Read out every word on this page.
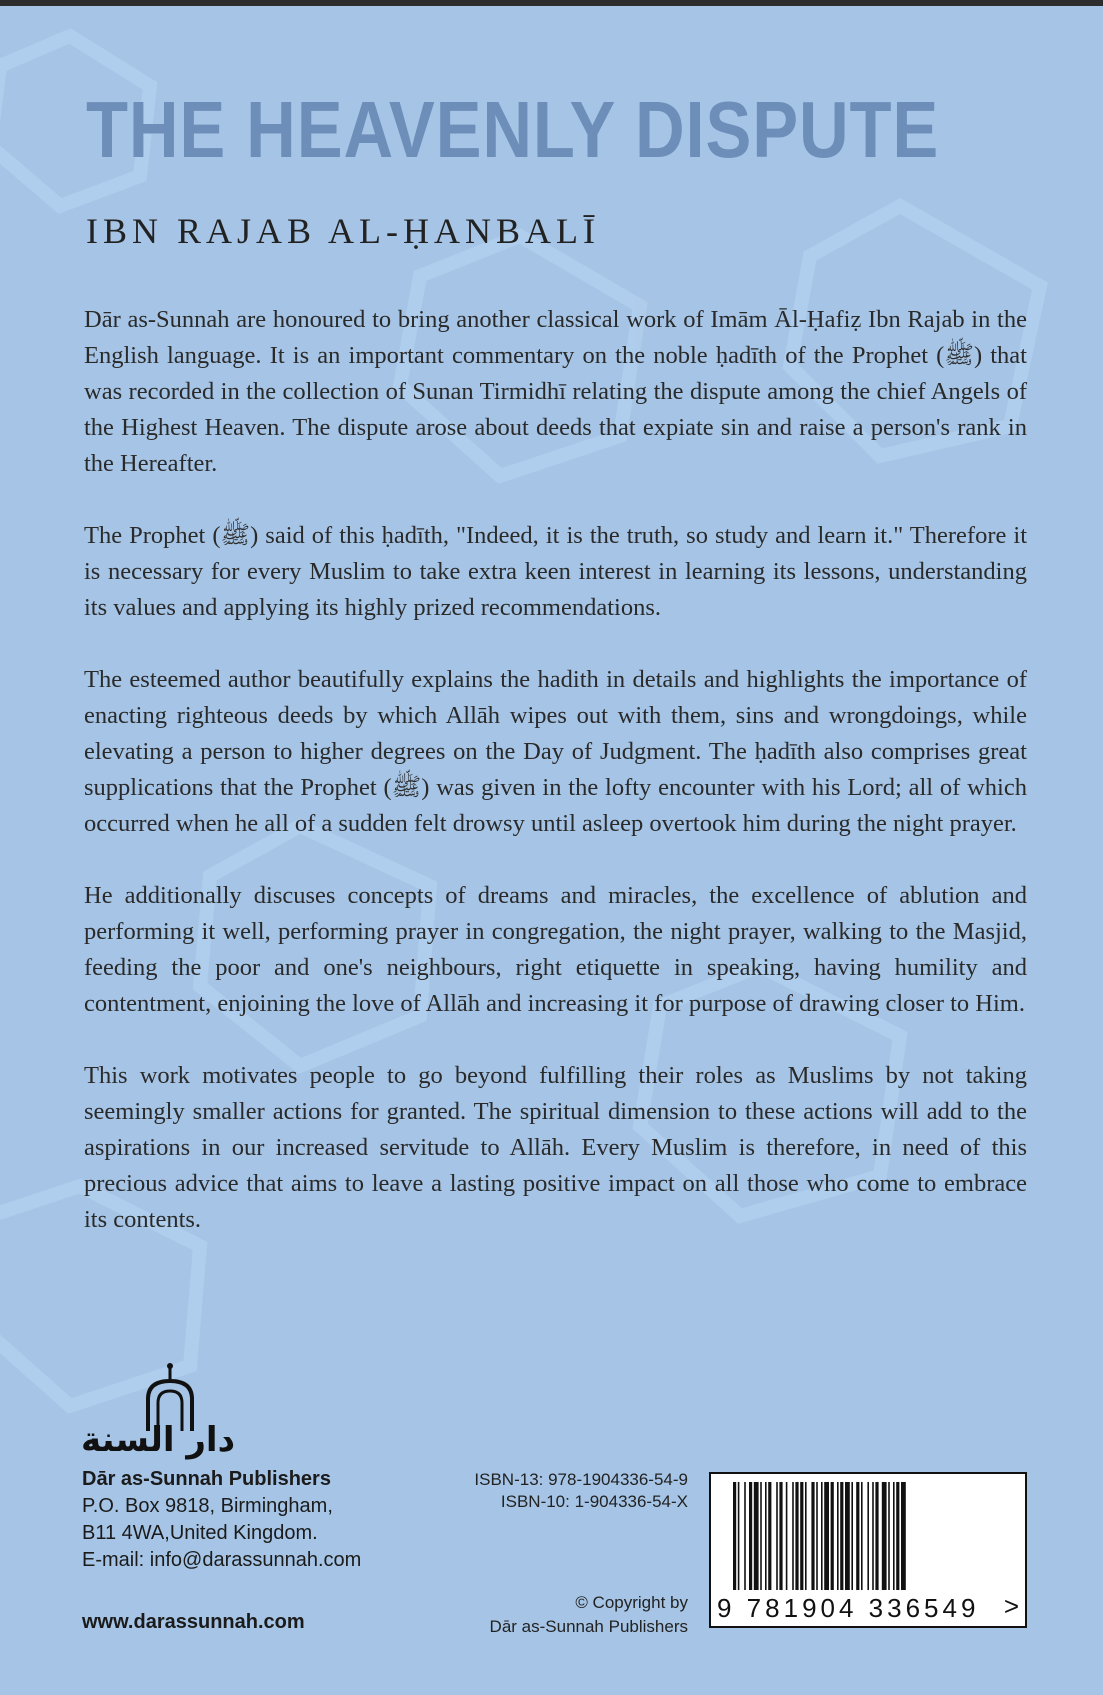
THE HEAVENLY DISPUTE
IBN RAJAB AL-ḤANBALĪ

Dār as-Sunnah are honoured to bring another classical work of Imām Āl-Ḥafiẓ Ibn Rajab in the English language. It is an important commentary on the noble ḥadīth of the Prophet (ﷺ) that was recorded in the collection of Sunan Tirmidhī relating the dispute among the chief Angels of the Highest Heaven. The dispute arose about deeds that expiate sin and raise a person's rank in the Hereafter.

The Prophet (ﷺ) said of this ḥadīth, "Indeed, it is the truth, so study and learn it." Therefore it is necessary for every Muslim to take extra keen interest in learning its lessons, understanding its values and applying its highly prized recommendations.

The esteemed author beautifully explains the hadith in details and highlights the importance of enacting righteous deeds by which Allāh wipes out with them, sins and wrongdoings, while elevating a person to higher degrees on the Day of Judgment. The ḥadīth also comprises great supplications that the Prophet (ﷺ) was given in the lofty encounter with his Lord; all of which occurred when he all of a sudden felt drowsy until asleep overtook him during the night prayer.

He additionally discuses concepts of dreams and miracles, the excellence of ablution and performing it well, performing prayer in congregation, the night prayer, walking to the Masjid, feeding the poor and one's neighbours, right etiquette in speaking, having humility and contentment, enjoining the love of Allāh and increasing it for purpose of drawing closer to Him.

This work motivates people to go beyond fulfilling their roles as Muslims by not taking seemingly smaller actions for granted. The spiritual dimension to these actions will add to the aspirations in our increased servitude to Allāh. Every Muslim is therefore, in need of this precious advice that aims to leave a lasting positive impact on all those who come to embrace its contents.

دار السنة
Dār as-Sunnah Publishers
P.O. Box 9818, Birmingham,
B11 4WA,United Kingdom.
E-mail: info@darassunnah.com
www.darassunnah.com
ISBN-13: 978-1904336-54-9
ISBN-10: 1-904336-54-X
© Copyright by
Dār as-Sunnah Publishers
9 781904 336549 >
